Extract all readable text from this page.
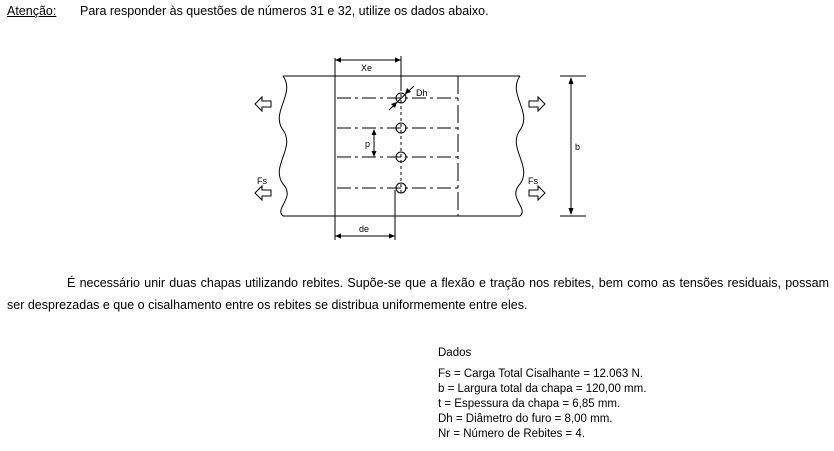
Atenção: Para responder às questões de números 31 e 32, utilize os dados abaixo.
Xe
Dh
p	b
de
Fs	Fs
É necessário unir duas chapas utilizando rebites. Supõe-se que a flexão e tração nos rebites, bem como as tensões residuais, possam ser desprezadas e que o cisalhamento entre os rebites se distribua uniformemente entre eles.
Dados
Fs = Carga Total Cisalhante = 12.063 N.
b = Largura total da chapa = 120,00 mm.
t = Espessura da chapa = 6,85 mm.
Dh = Diâmetro do furo = 8,00 mm.
Nr = Número de Rebites = 4.
